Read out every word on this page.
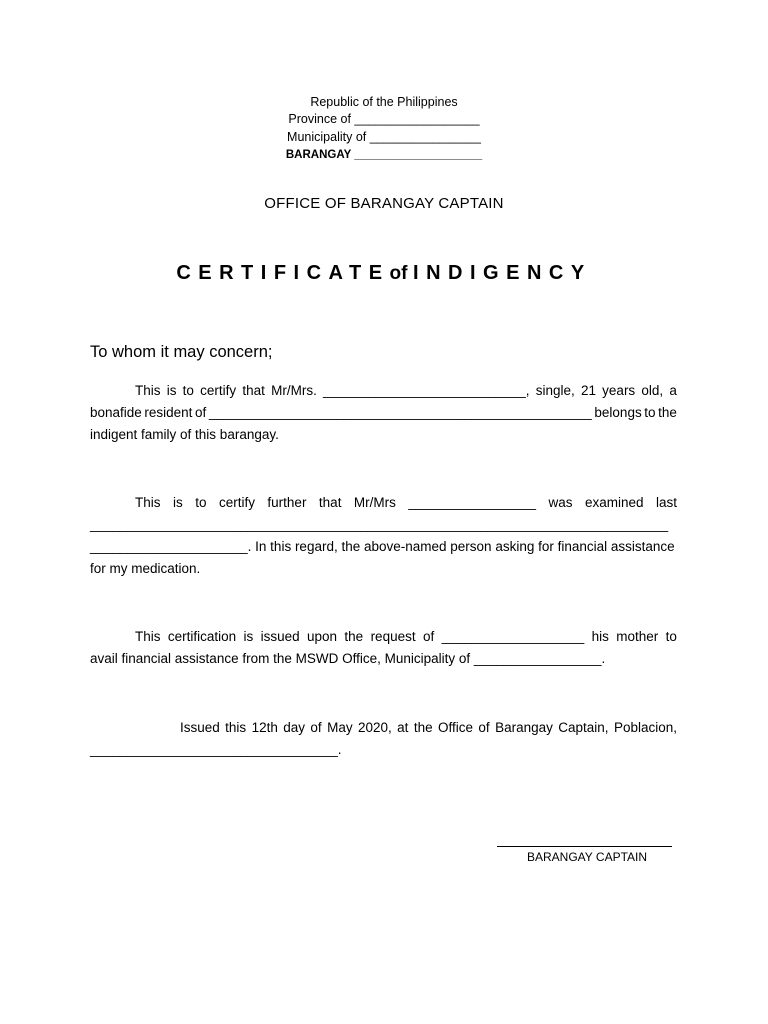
Republic of the Philippines
Province of __________________
Municipality of ________________
BARANGAY ____________________
OFFICE OF BARANGAY CAPTAIN
CERTIFICATEof INDIGENCY
To whom it may concern;
This is to certify that Mr/Mrs. ___________________________, single, 21 years old, a
bonafide resident of ___________________________________________________ belongs to the
indigent family of this barangay.
This is to certify further that Mr/Mrs _________________ was examined last
_____________________________________________________________________________
_____________________. In this regard, the above-named person asking for financial assistance
for my medication.
This certification is issued upon the request of ___________________ his mother to
avail financial assistance from the MSWD Office, Municipality of _________________.
Issued this 12th day of May 2020, at the Office of Barangay Captain, Poblacion,
_________________________________.
BARANGAY CAPTAIN
